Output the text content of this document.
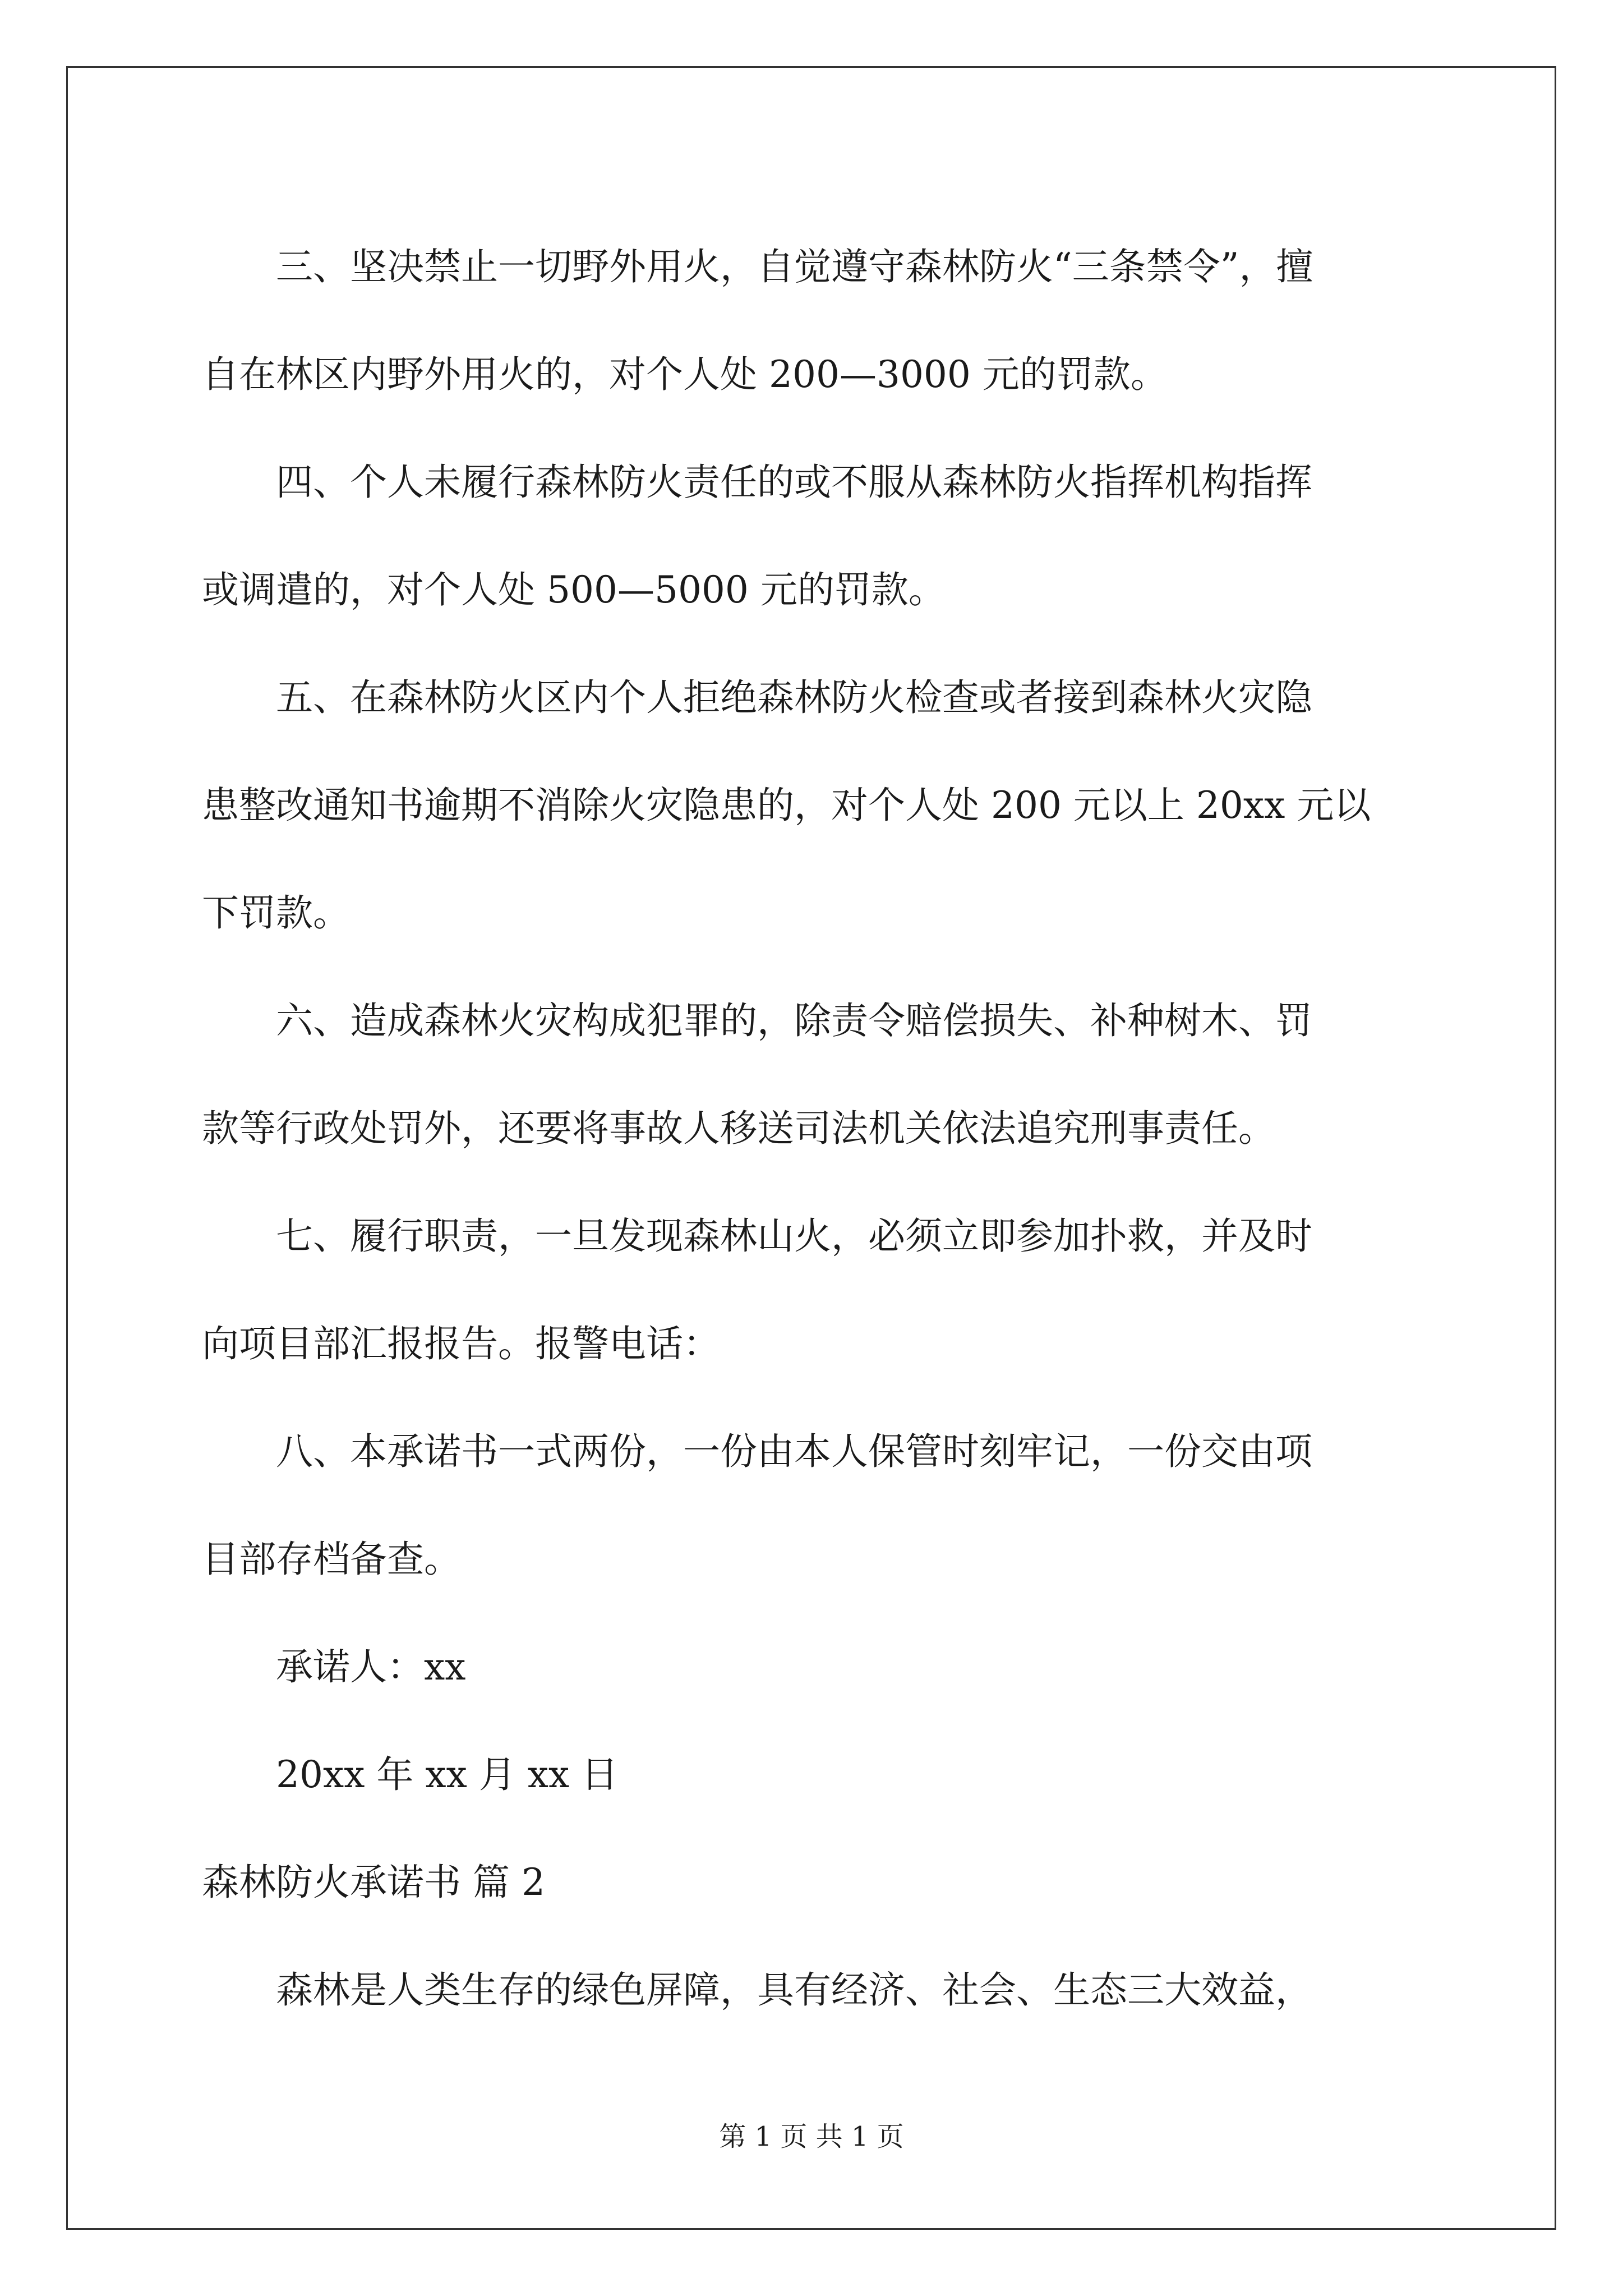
三、坚决禁止一切野外用火，自觉遵守森林防火“三条禁令”，擅
自在林区内野外用火的，对个人处 200—3000 元的罚款。

四、个人未履行森林防火责任的或不服从森林防火指挥机构指挥
或调遣的，对个人处 500—5000 元的罚款。

五、在森林防火区内个人拒绝森林防火检查或者接到森林火灾隐
患整改通知书逾期不消除火灾隐患的，对个人处 200 元以上 20xx 元以
下罚款。

六、造成森林火灾构成犯罪的，除责令赔偿损失、补种树木、罚
款等行政处罚外，还要将事故人移送司法机关依法追究刑事责任。

七、履行职责，一旦发现森林山火，必须立即参加扑救，并及时
向项目部汇报报告。报警电话：

八、本承诺书一式两份，一份由本人保管时刻牢记，一份交由项
目部存档备查。

承诺人：xx

20xx 年 xx 月 xx 日

森林防火承诺书 篇 2

森林是人类生存的绿色屏障，具有经济、社会、生态三大效益，

第 1 页 共 1 页
